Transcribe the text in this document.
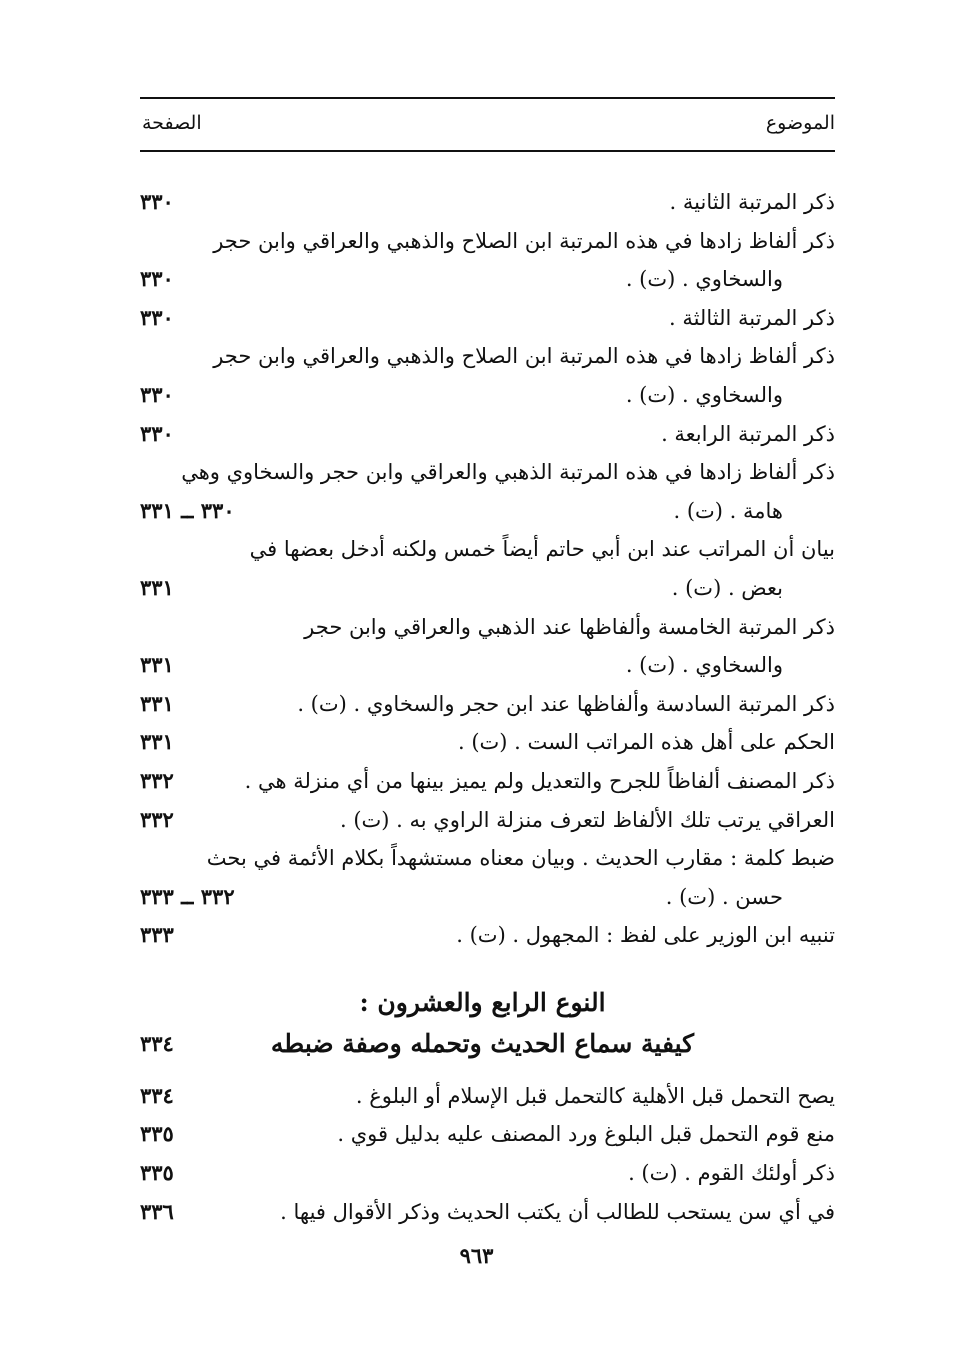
الموضوع
الصفحة
ذكر المرتبة الثانية .
٣٣٠
ذكر ألفاظ زادها في هذه المرتبة ابن الصلاح والذهبي والعراقي وابن حجر
والسخاوي . (ت) .
٣٣٠
ذكر المرتبة الثالثة .
٣٣٠
ذكر ألفاظ زادها في هذه المرتبة ابن الصلاح والذهبي والعراقي وابن حجر
والسخاوي . (ت) .
٣٣٠
ذكر المرتبة الرابعة .
٣٣٠
ذكر ألفاظ زادها في هذه المرتبة الذهبي والعراقي وابن حجر والسخاوي وهي
هامة . (ت) .
٣٣٠ ــ ٣٣١
بيان أن المراتب عند ابن أبي حاتم أيضاً خمس ولكنه أدخل بعضها في
بعض . (ت) .
٣٣١
ذكر المرتبة الخامسة وألفاظها عند الذهبي والعراقي وابن حجر
والسخاوي . (ت) .
٣٣١
ذكر المرتبة السادسة وألفاظها عند ابن حجر والسخاوي . (ت) .
٣٣١
الحكم على أهل هذه المراتب الست . (ت) .
٣٣١
ذكر المصنف ألفاظاً للجرح والتعديل ولم يميز بينها من أي منزلة هي .
٣٣٢
العراقي يرتب تلك الألفاظ لتعرف منزلة الراوي به . (ت) .
٣٣٢
ضبط كلمة : مقارب الحديث . وبيان معناه مستشهداً بكلام الأئمة في بحث
حسن . (ت) .
٣٣٢ ــ ٣٣٣
تنبيه ابن الوزير على لفظ : المجهول . (ت) .
٣٣٣
النوع الرابع والعشرون :
كيفية سماع الحديث وتحمله وصفة ضبطه
٣٣٤
يصح التحمل قبل الأهلية كالتحمل قبل الإسلام أو البلوغ .
٣٣٤
منع قوم التحمل قبل البلوغ ورد المصنف عليه بدليل قوي .
٣٣٥
ذكر أولئك القوم . (ت) .
٣٣٥
في أي سن يستحب للطالب أن يكتب الحديث وذكر الأقوال فيها .
٣٣٦
٩٦٣
